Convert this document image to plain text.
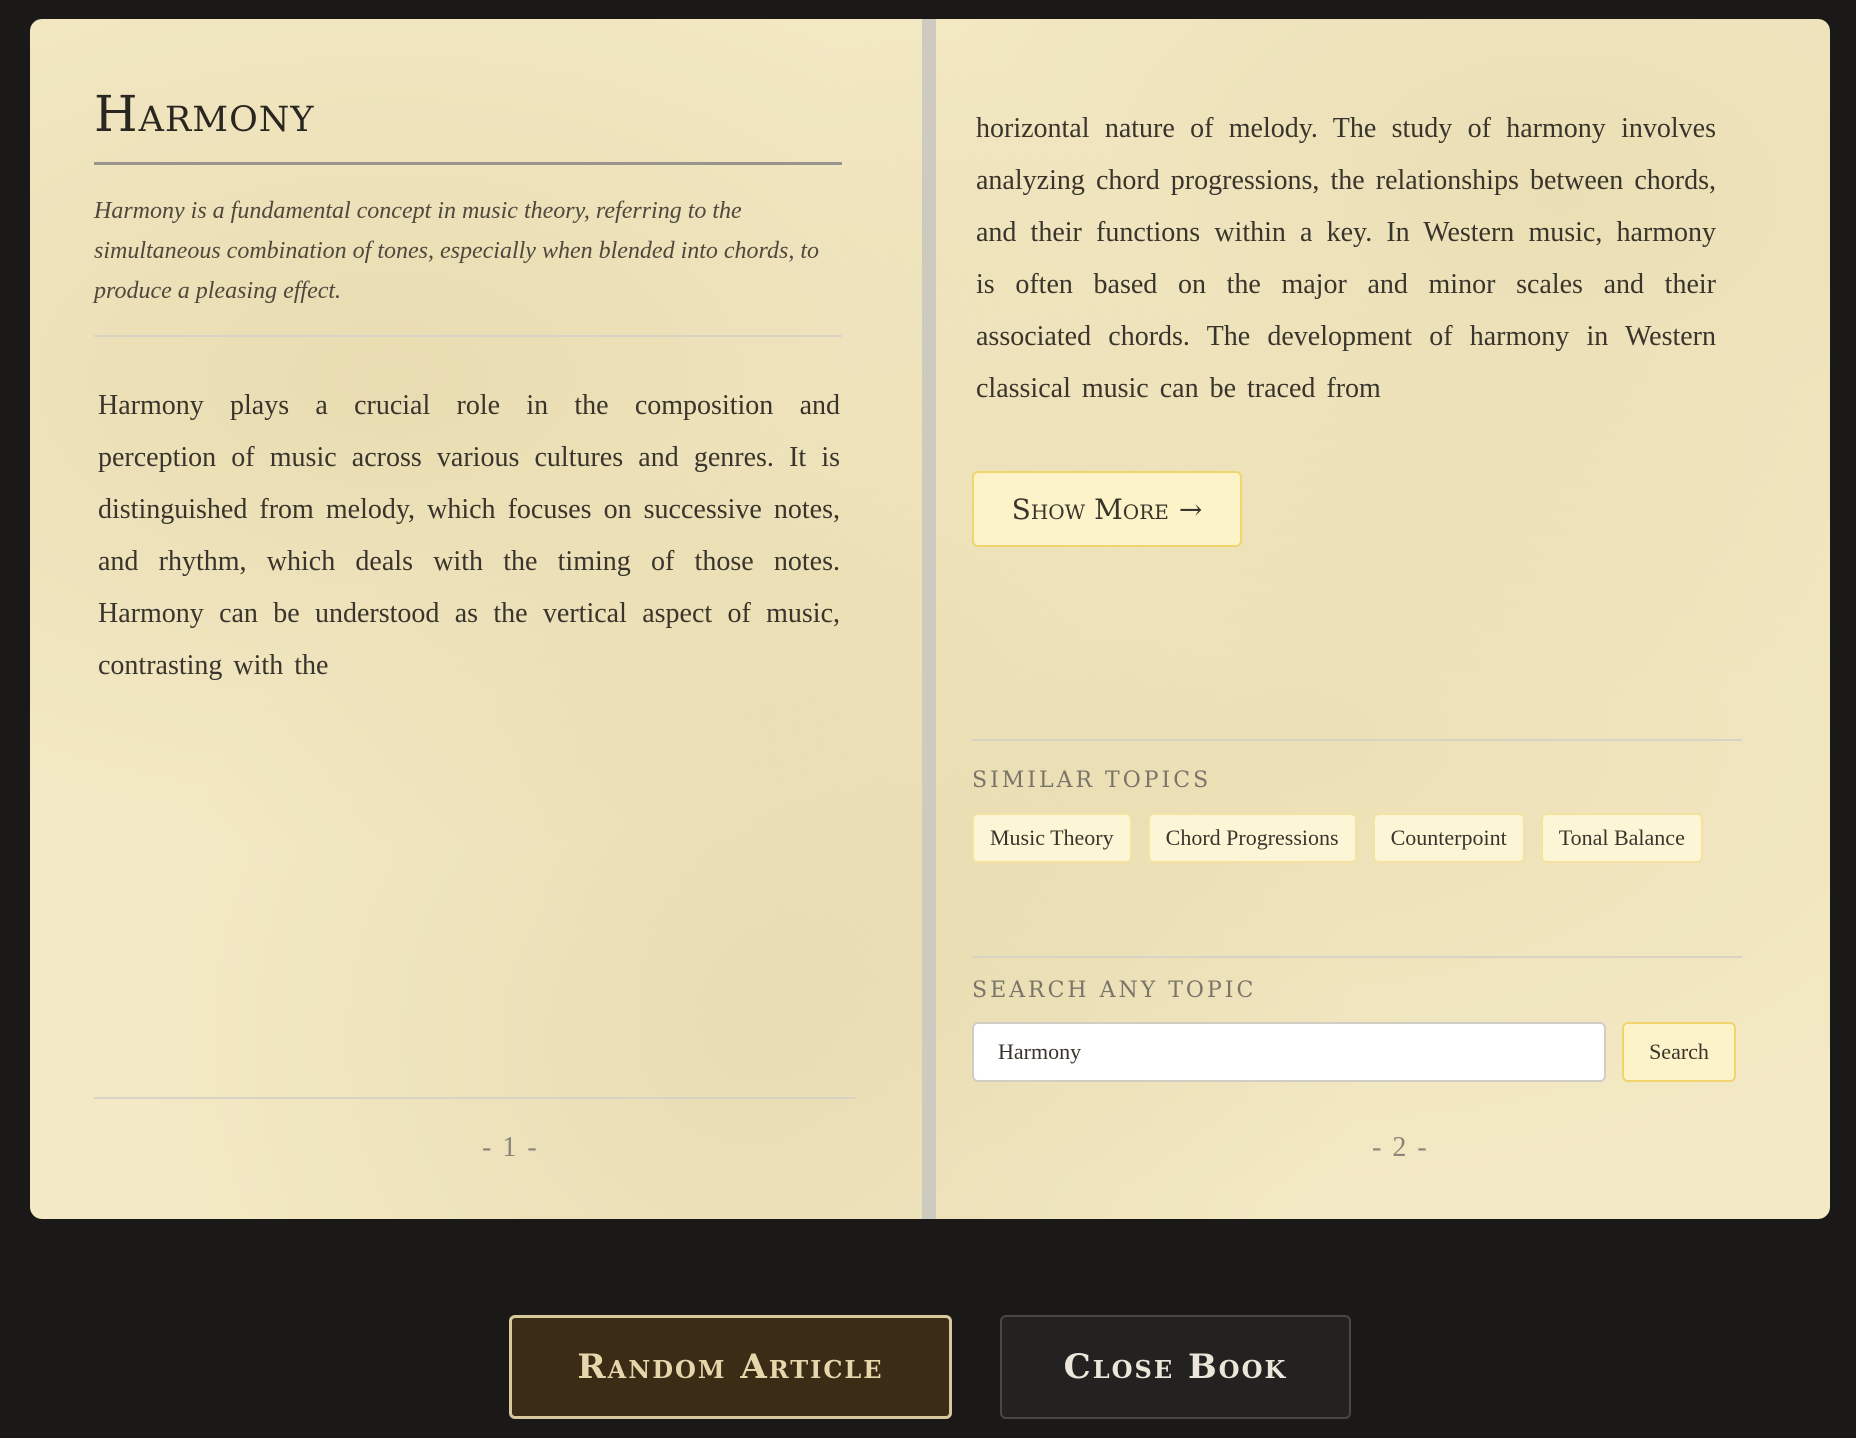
Harmony

Harmony is a fundamental concept in music theory, referring to the simultaneous combination of tones, especially when blended into chords, to produce a pleasing effect.

Harmony plays a crucial role in the composition and perception of music across various cultures and genres. It is distinguished from melody, which focuses on successive notes, and rhythm, which deals with the timing of those notes. Harmony can be understood as the vertical aspect of music, contrasting with the

- 1 -

horizontal nature of melody. The study of harmony involves analyzing chord progressions, the relationships between chords, and their functions within a key. In Western music, harmony is often based on the major and minor scales and their associated chords. The development of harmony in Western classical music can be traced from

Show More →
SIMILAR TOPICS
Music Theory	Chord Progressions	Counterpoint	Tonal Balance
SEARCH ANY TOPIC
Harmony
Search
- 2 -
Random Article	Close Book
